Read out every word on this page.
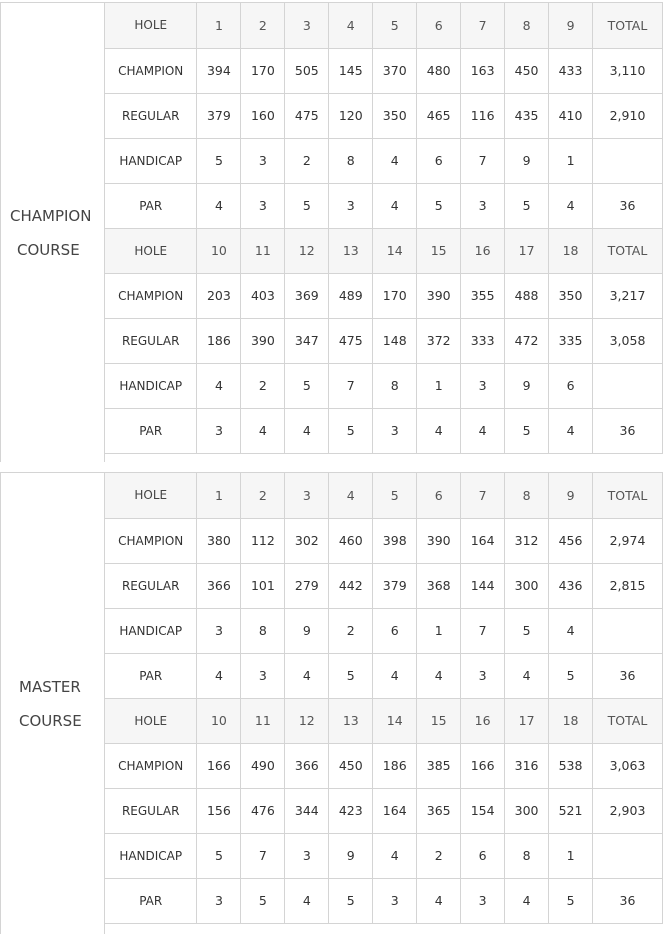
CHAMPION
COURSE
HOLE	1	2	3	4	5	6	7	8	9	TOTAL
CHAMPION	394	170	505	145	370	480	163	450	433	3,110
REGULAR	379	160	475	120	350	465	116	435	410	2,910
HANDICAP	5	3	2	8	4	6	7	9	1	
PAR	4	3	5	3	4	5	3	5	4	36
HOLE	10	11	12	13	14	15	16	17	18	TOTAL
CHAMPION	203	403	369	489	170	390	355	488	350	3,217
REGULAR	186	390	347	475	148	372	333	472	335	3,058
HANDICAP	4	2	5	7	8	1	3	9	6	
PAR	3	4	4	5	3	4	4	5	4	36
MASTER
COURSE
HOLE	1	2	3	4	5	6	7	8	9	TOTAL
CHAMPION	380	112	302	460	398	390	164	312	456	2,974
REGULAR	366	101	279	442	379	368	144	300	436	2,815
HANDICAP	3	8	9	2	6	1	7	5	4	
PAR	4	3	4	5	4	4	3	4	5	36
HOLE	10	11	12	13	14	15	16	17	18	TOTAL
CHAMPION	166	490	366	450	186	385	166	316	538	3,063
REGULAR	156	476	344	423	164	365	154	300	521	2,903
HANDICAP	5	7	3	9	4	2	6	8	1	
PAR	3	5	4	5	3	4	3	4	5	36
